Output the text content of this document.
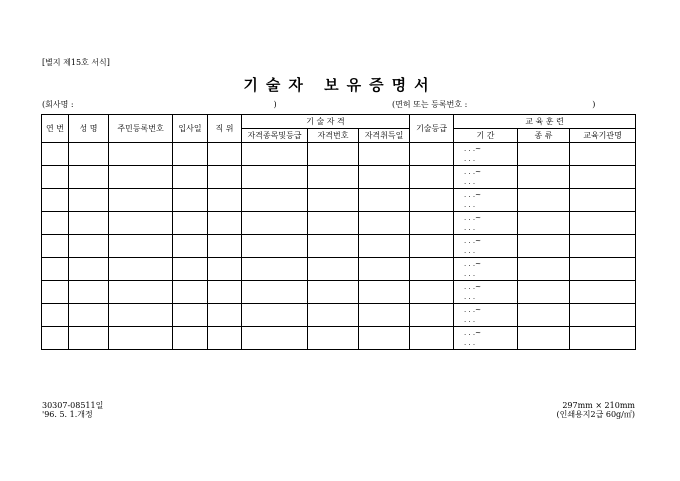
[별지 제15호 서식]
기술자 보유증명서
(회사명 :	)	(면허 또는 등록번호 :	)
연 번	성 명	주민등록번호	입사일	직 위	기 술 자 격			기술등급	교 육 훈 련		
					자격종목및등급	자격번호	자격취득일		기 간	종 류	교육기관명

									. . .~
. . .		

									. . .~
. . .		

									. . .~
. . .		

									. . .~
. . .		

									. . .~
. . .		

									. . .~
. . .		

									. . .~
. . .		

									. . .~
. . .		

									. . .~
. . .		

30307-08511일
'96. 5. 1.개정
297mm × 210mm
(인쇄용지2급 60g/㎡)
